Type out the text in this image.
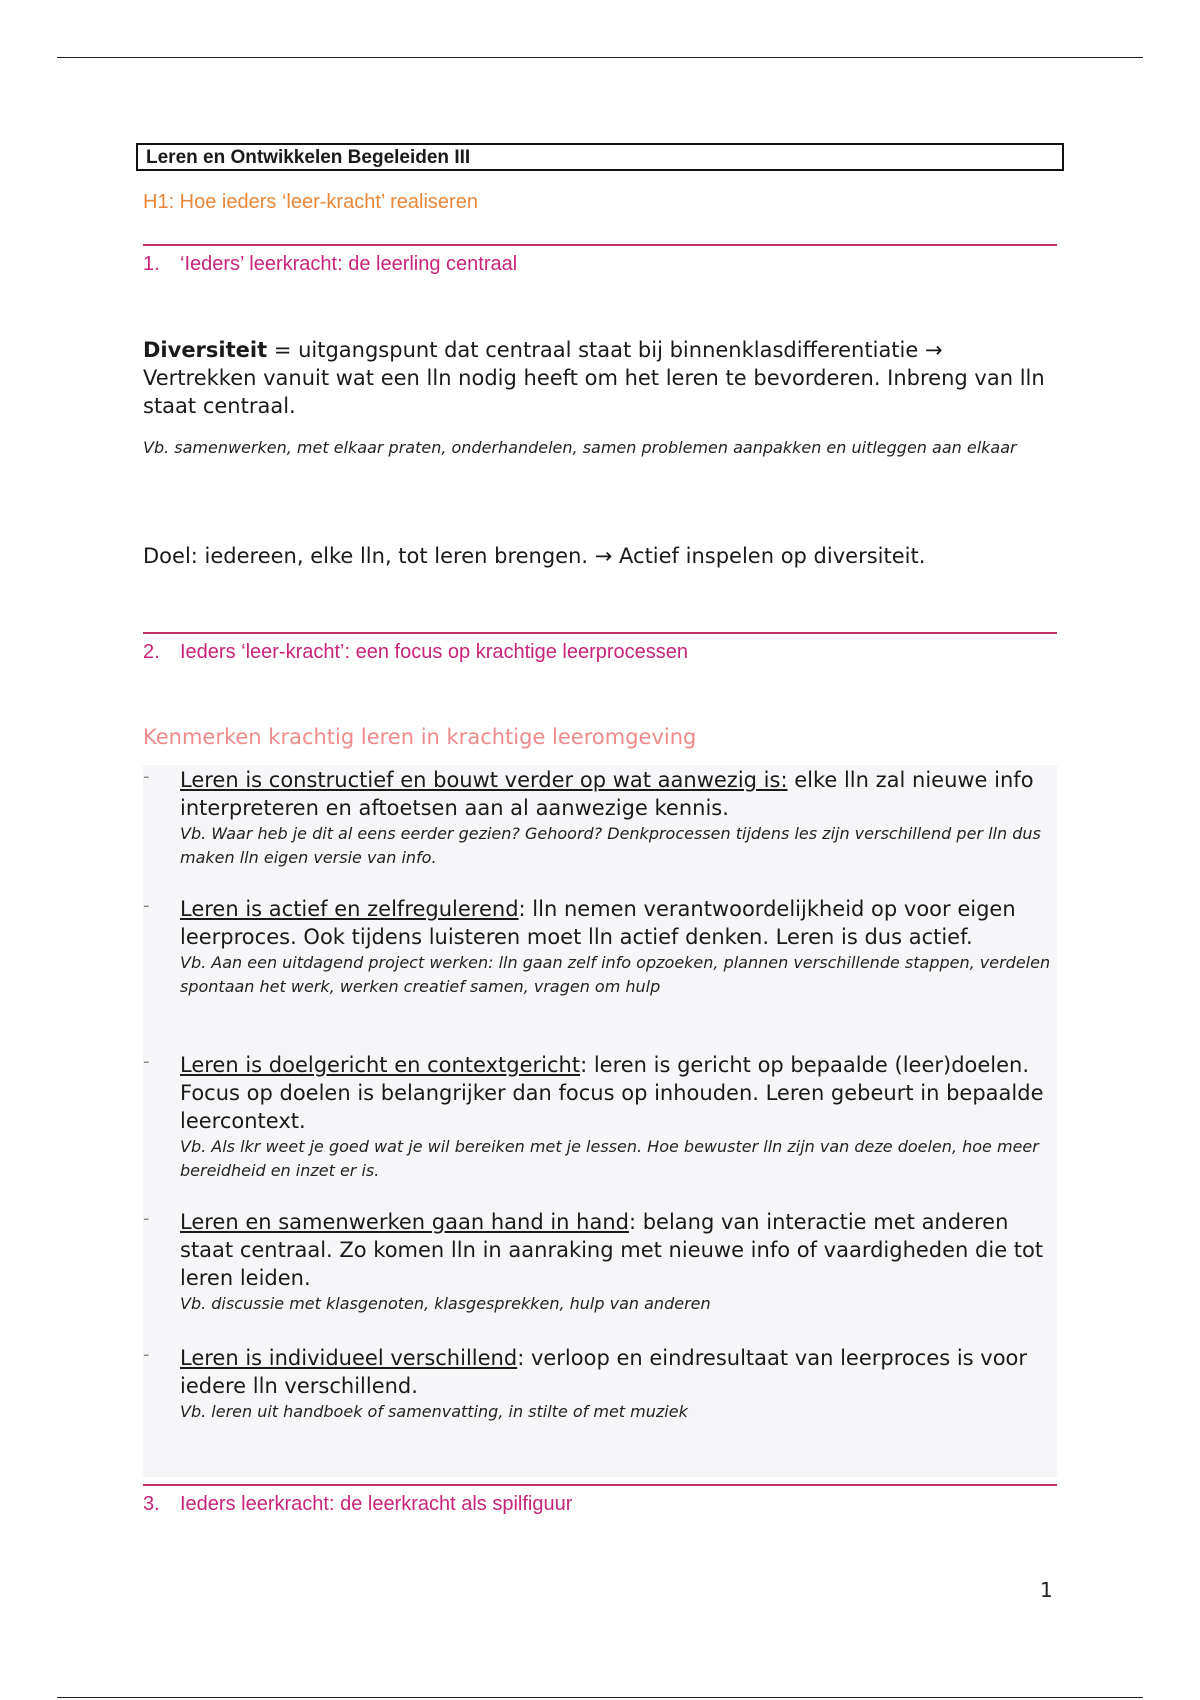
Leren en Ontwikkelen Begeleiden III
H1: Hoe ieders ‘leer-kracht’ realiseren
1. ‘Ieders’ leerkracht: de leerling centraal
Diversiteit = uitgangspunt dat centraal staat bij binnenklasdifferentiatie → Vertrekken vanuit wat een lln nodig heeft om het leren te bevorderen. Inbreng van lln staat centraal.
Vb. samenwerken, met elkaar praten, onderhandelen, samen problemen aanpakken en uitleggen aan elkaar
Doel: iedereen, elke lln, tot leren brengen. → Actief inspelen op diversiteit.
2. Ieders ‘leer-kracht’: een focus op krachtige leerprocessen
Kenmerken krachtig leren in krachtige leeromgeving
- Leren is constructief en bouwt verder op wat aanwezig is: elke lln zal nieuwe info interpreteren en aftoetsen aan al aanwezige kennis.
Vb. Waar heb je dit al eens eerder gezien? Gehoord? Denkprocessen tijdens les zijn verschillend per lln dus maken lln eigen versie van info.
- Leren is actief en zelfregulerend: lln nemen verantwoordelijkheid op voor eigen leerproces. Ook tijdens luisteren moet lln actief denken. Leren is dus actief.
Vb. Aan een uitdagend project werken: lln gaan zelf info opzoeken, plannen verschillende stappen, verdelen spontaan het werk, werken creatief samen, vragen om hulp
- Leren is doelgericht en contextgericht: leren is gericht op bepaalde (leer)doelen. Focus op doelen is belangrijker dan focus op inhouden. Leren gebeurt in bepaalde leercontext.
Vb. Als lkr weet je goed wat je wil bereiken met je lessen. Hoe bewuster lln zijn van deze doelen, hoe meer bereidheid en inzet er is.
- Leren en samenwerken gaan hand in hand: belang van interactie met anderen staat centraal. Zo komen lln in aanraking met nieuwe info of vaardigheden die tot leren leiden.
Vb. discussie met klasgenoten, klasgesprekken, hulp van anderen
- Leren is individueel verschillend: verloop en eindresultaat van leerproces is voor iedere lln verschillend.
Vb. leren uit handboek of samenvatting, in stilte of met muziek
3. Ieders leerkracht: de leerkracht als spilfiguur
1
